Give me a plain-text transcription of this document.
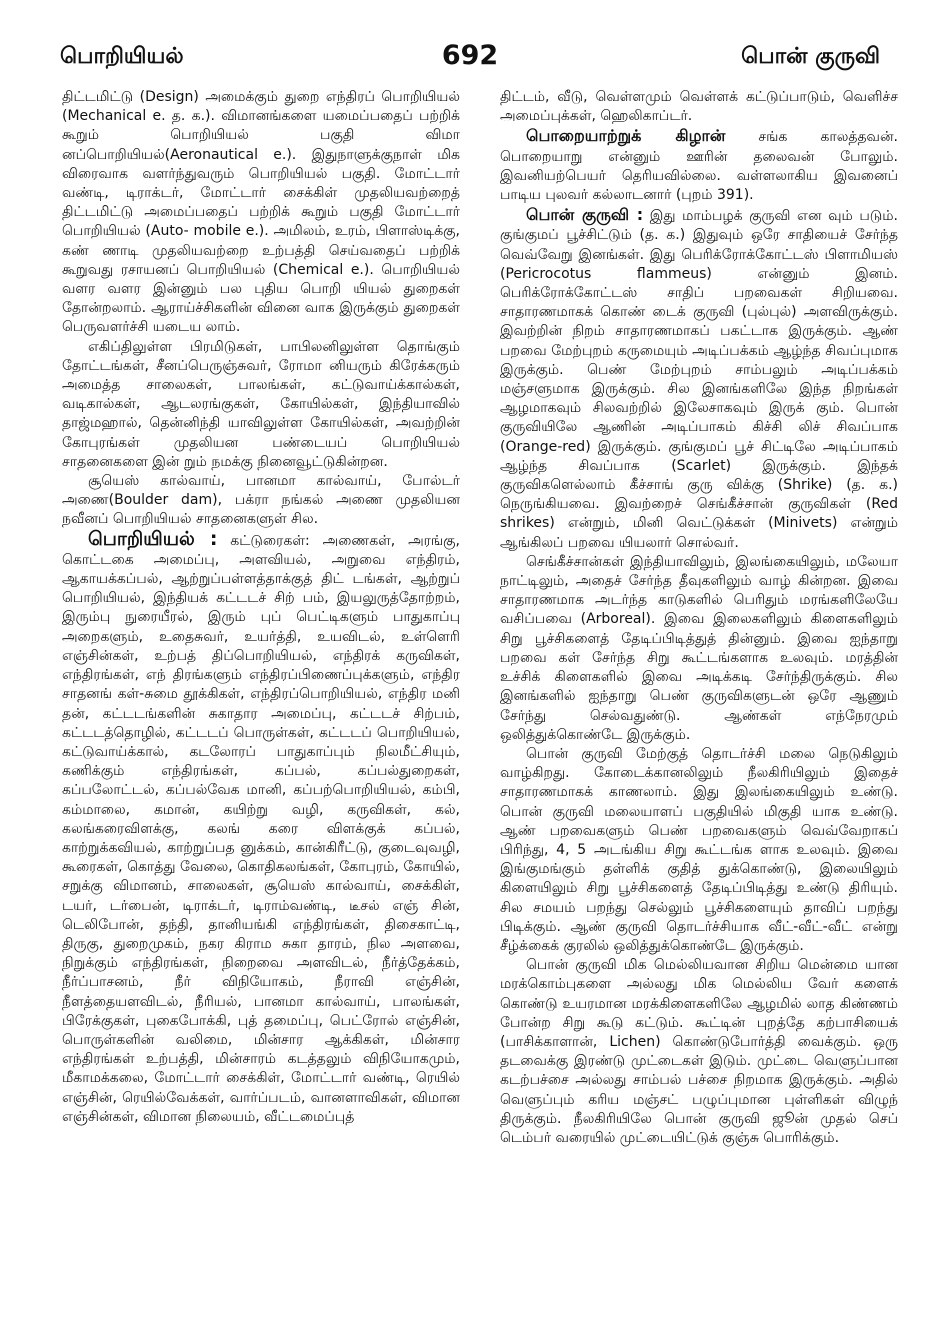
பொறியியல்	692	பொன் குருவி

திட்டமிட்டு (Design) அமைக்கும் துறை எந்திரப் பொறியியல் (Mechanical e. த. க.). விமானங்களை யமைப்பதைப் பற்றிக் கூறும் பொறியியல் பகுதி விமா னப்பொறியியல்(Aeronautical e.). இதுநாளுக்குநாள் மிக விரைவாக வளர்ந்துவரும் பொறியியல் பகுதி. மோட்டார் வண்டி, டிராக்டர், மோட்டார் சைக்கிள் முதலியவற்றைத் திட்டமிட்டு அமைப்பதைப் பற்றிக் கூறும் பகுதி மோட்டார் பொறியியல் (Auto- mobile e.). அமிலம், உரம், பிளாஸ்டிக்கு, கண் ணாடி முதலியவற்றை உற்பத்தி செய்வதைப் பற்றிக் கூறுவது ரசாயனப் பொறியியல் (Chemical e.). பொறியியல் வளர வளர இன்னும் பல புதிய பொறி யியல் துறைகள் தோன்றலாம். ஆராய்ச்சிகளின் வினை வாக இருக்கும் துறைகள் பெருவளர்ச்சி யடைய லாம்.

எகிப்திலுள்ள பிரமிடுகள், பாபிலனிலுள்ள தொங்கும் தோட்டங்கள், சீனப்பெருஞ்சுவர், ரோமா னியரும் கிரேக்கரும் அமைத்த சாலைகள், பாலங்கள், கட்டுவாய்க்கால்கள், வடிகால்கள், ஆடலரங்குகள், கோயில்கள், இந்தியாவில் தாஜ்மஹால், தென்னிந்தி யாவிலுள்ள கோயில்கள், அவற்றின் கோபுரங்கள் முதலியன பண்டையப் பொறியியல் சாதனைகளை இன் றும் நமக்கு நினைவூட்டுகின்றன.

சூயெஸ் கால்வாய், பானமா கால்வாய், போல்டர் அணை(Boulder dam), பக்ரா நங்கல் அணை முதலியன நவீனப் பொறியியல் சாதனைகளுள் சில.

பொறியியல் : கட்டுரைகள்: அணைகள், அரங்கு, கொட்டகை அமைப்பு, அளவியல், அறுவை எந்திரம், ஆகாயக்கப்பல், ஆற்றுப்பள்ளத்தாக்குத் திட் டங்கள், ஆற்றுப் பொறியியல், இந்தியக் கட்டடச் சிற் பம், இயலுருத்தோற்றம், இரும்பு நுரையீரல், இரும் புப் பெட்டிகளும் பாதுகாப்பு அறைகளும், உதைசுவர், உயர்த்தி, உயவிடல், உள்ளெரி எஞ்சின்கள், உற்பத் திப்பொறியியல், எந்திரக் கருவிகள், எந்திரங்கள், எந் திரங்களும் எந்திரப்பிணைப்புக்களும், எந்திர சாதனங் கள்-சுமை தூக்கிகள், எந்திரப்பொறியியல், எந்திர மனி தன், கட்டடங்களின் சுகாதார அமைப்பு, கட்டடச் சிற்பம், கட்டடத்தொழில், கட்டடப் பொருள்கள், கட்டடப் பொறியியல், கட்டுவாய்க்கால், கடலோரப் பாதுகாப்பும் நிலமீட்சியும், கணிக்கும் எந்திரங்கள், கப்பல், கப்பல்துறைகள், கப்பலோட்டல், கப்பல்வேக மானி, கப்பற்பொறியியல், கம்பி, கம்மாலை, கமான், கயிற்று வழி, கருவிகள், கல், கலங்கரைவிளக்கு, கலங் கரை விளக்குக் கப்பல், காற்றுக்கவியல், காற்றுப்பத னுக்கம், கான்கிரீட்டு, குடைவுவழி, கூரைகள், கொத்து வேலை, கொதிகலங்கள், கோபுரம், கோயில், சறுக்கு விமானம், சாலைகள், சூயெஸ் கால்வாய், சைக்கிள், டயர், டர்பைன், டிராக்டர், டிராம்வண்டி, டீசல் எஞ் சின், டெலிபோன், தந்தி, தானியங்கி எந்திரங்கள், திசைகாட்டி, திருகு, துறைமுகம், நகர கிராம சுகா தாரம், நில அளவை, நிறுக்கும் எந்திரங்கள், நிறைவை அளவிடல், நீர்த்தேக்கம், நீர்ப்பாசனம், நீர் விநியோகம், நீராவி எஞ்சின், நீளத்தையளவிடல், நீரியல், பானமா கால்வாய், பாலங்கள், பிரேக்குகள், புகைபோக்கி, புத் தமைப்பு, பெட்ரோல் எஞ்சின், பொருள்களின் வலிமை, மின்சார ஆக்கிகள், மின்சார எந்திரங்கள் உற்பத்தி, மின்சாரம் கடத்தலும் விநியோகமும், மீகாமக்கலை, மோட்டார் சைக்கிள், மோட்டார் வண்டி, ரெயில் எஞ்சின், ரெயில்வேக்கள், வார்ப்படம், வானளாவிகள், விமான எஞ்சின்கள், விமான நிலையம், வீட்டமைப்புத்

திட்டம், வீடு, வெள்ளமும் வெள்ளக் கட்டுப்பாடும், வெளிச்ச அமைப்புக்கள், ஹெலிகாப்டர்.

பொறையாற்றுக் கிழான் சங்க காலத்தவன். பொறையாறு என்னும் ஊரின் தலைவன் போலும். இவனியற்பெயர் தெரியவில்லை. வள்ளலாகிய இவனைப் பாடிய புலவர் கல்லாடனார் (புறம் 391).

பொன் குருவி : இது மாம்பழக் குருவி என வும் படும். குங்குமப் பூச்சிட்டும் (த. க.) இதுவும் ஒரே சாதியைச் சேர்ந்த வெவ்வேறு இனங்கள். இது பெரிக்ரோக்கோட்டஸ் பிளாமியஸ் (Pericrocotus flammeus) என்னும் இனம். பெரிக்ரோக்கோட்டஸ் சாதிப் பறவைகள் சிறியவை. சாதாரணமாகக் கொண் டைக் குருவி (புல்புல்) அளவிருக்கும். இவற்றின் நிறம் சாதாரணமாகப் பகட்டாக இருக்கும். ஆண் பறவை மேற்புறம் கருமையும் அடிப்பக்கம் ஆழ்ந்த சிவப்புமாக இருக்கும். பெண் மேற்புறம் சாம்பலும் அடிப்பக்கம் மஞ்சளுமாக இருக்கும். சில இனங்களிலே இந்த நிறங்கள் ஆழமாகவும் சிலவற்றில் இலேசாகவும் இருக் கும். பொன் குருவியிலே ஆணின் அடிப்பாகம் கிச்சி லிச் சிவப்பாக (Orange-red) இருக்கும். குங்குமப் பூச் சிட்டிலே அடிப்பாகம் ஆழ்ந்த சிவப்பாக (Scarlet) இருக்கும். இந்தக் குருவிகளெல்லாம் கீச்சாங் குரு விக்கு (Shrike) (த. க.) நெருங்கியவை. இவற்றைச் செங்கீச்சான் குருவிகள் (Red shrikes) என்றும், மினி வெட்டுக்கள் (Minivets) என்றும் ஆங்கிலப் பறவை யியலார் சொல்வர்.

செங்கீச்சான்கள் இந்தியாவிலும், இலங்கையிலும், மலேயா நாட்டிலும், அதைச் சேர்ந்த தீவுகளிலும் வாழ் கின்றன. இவை சாதாரணமாக அடர்ந்த காடுகளில் பெரிதும் மரங்களிலேயே வசிப்பவை (Arboreal). இவை இலைகளிலும் கிளைகளிலும் சிறு பூச்சிகளைத் தேடிப்பிடித்துத் தின்னும். இவை ஐந்தாறு பறவை கள் சேர்ந்த சிறு கூட்டங்களாக உலவும். மரத்தின் உச்சிக் கிளைகளில் இவை அடிக்கடி சேர்ந்திருக்கும். சில இனங்களில் ஐந்தாறு பெண் குருவிகளுடன் ஒரே ஆணும் சேர்ந்து செல்வதுண்டு. ஆண்கள் எந்நேரமும் ஒலித்துக்கொண்டே இருக்கும்.

பொன் குருவி மேற்குத் தொடர்ச்சி மலை நெடுகிலும் வாழ்கிறது. கோடைக்கானலிலும் நீலகிரியிலும் இதைச் சாதாரணமாகக் காணலாம். இது இலங்கையிலும் உண்டு. பொன் குருவி மலையாளப் பகுதியில் மிகுதி யாக உண்டு. ஆண் பறவைகளும் பெண் பறவைகளும் வெவ்வேறாகப் பிரிந்து, 4, 5 அடங்கிய சிறு கூட்டங்க ளாக உலவும். இவை இங்குமங்கும் தள்ளிக் குதித் துக்கொண்டு, இலையிலும் கிளையிலும் சிறு பூச்சிகளைத் தேடிப்பிடித்து உண்டு திரியும். சில சமயம் பறந்து செல்லும் பூச்சிகளையும் தாவிப் பறந்து பிடிக்கும். ஆண் குருவி தொடர்ச்சியாக வீட்-வீட்-வீட் என்று சீழ்க்கைக் குரலில் ஒலித்துக்கொண்டே இருக்கும்.

பொன் குருவி மிக மெல்லியவான சிறிய மென்மை யான மரக்கொம்புகளை அல்லது மிக மெல்லிய வேர் களைக் கொண்டு உயரமான மரக்கிளைகளிலே ஆழமில் லாத கிண்ணம் போன்ற சிறு கூடு கட்டும். கூட்டின் புறத்தே கற்பாசியைக் (பாசிக்காளான், Lichen) கொண்டுபோர்த்தி வைக்கும். ஒரு தடவைக்கு இரண்டு முட்டைகள் இடும். முட்டை வெளுப்பான கடற்பச்சை அல்லது சாம்பல் பச்சை நிறமாக இருக்கும். அதில் வெளுப்பும் கரிய மஞ்சட் பழுப்புமான புள்ளிகள் விழுந் திருக்கும். நீலகிரியிலே பொன் குருவி ஜூன் முதல் செப் டெம்பர் வரையில் முட்டையிட்டுக் குஞ்சு பொரிக்கும்.
